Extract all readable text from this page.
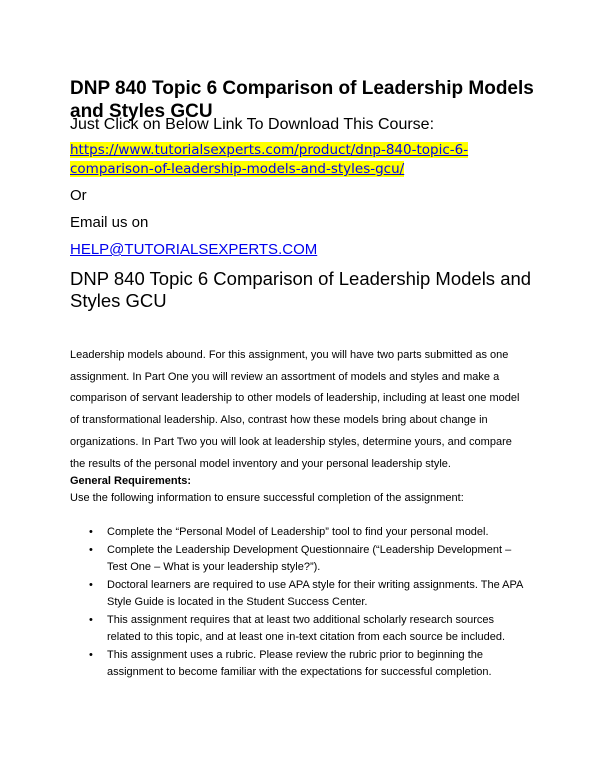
DNP 840 Topic 6 Comparison of Leadership Models and Styles GCU

Just Click on Below Link To Download This Course:

https://www.tutorialsexperts.com/product/dnp-840-topic-6-comparison-of-leadership-models-and-styles-gcu/

Or

Email us on

HELP@TUTORIALSEXPERTS.COM

DNP 840 Topic 6 Comparison of Leadership Models and Styles GCU

Leadership models abound. For this assignment, you will have two parts submitted as one assignment. In Part One you will review an assortment of models and styles and make a comparison of servant leadership to other models of leadership, including at least one model of transformational leadership. Also, contrast how these models bring about change in organizations. In Part Two you will look at leadership styles, determine yours, and compare the results of the personal model inventory and your personal leadership style.

General Requirements:

Use the following information to ensure successful completion of the assignment:

• Complete the “Personal Model of Leadership” tool to find your personal model.
• Complete the Leadership Development Questionnaire (“Leadership Development – Test One – What is your leadership style?”).
• Doctoral learners are required to use APA style for their writing assignments. The APA Style Guide is located in the Student Success Center.
• This assignment requires that at least two additional scholarly research sources related to this topic, and at least one in-text citation from each source be included.
• This assignment uses a rubric. Please review the rubric prior to beginning the assignment to become familiar with the expectations for successful completion.
